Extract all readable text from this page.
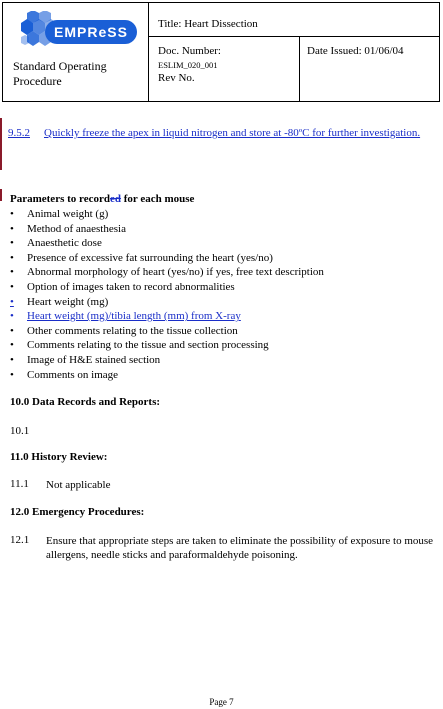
EMPReSS
Standard Operating Procedure
Title: Heart Dissection
Doc. Number:
ESLIM_020_001
Rev No.
Date Issued: 01/06/04
9.5.2 Quickly freeze the apex in liquid nitrogen and store at -80ºC for further investigation.
Parameters to recorded for each mouse
•	Animal weight (g)
•	Method of anaesthesia
•	Anaesthetic dose
•	Presence of excessive fat surrounding the heart (yes/no)
•	Abnormal morphology of heart (yes/no) if yes, free text description
•	Option of images taken to record abnormalities
•	Heart weight (mg)
•	Heart weight (mg)/tibia length (mm) from X-ray
•	Other comments relating to the tissue collection
•	Comments relating to the tissue and section processing
•	Image of H&E stained section
•	Comments on image
10.0 Data Records and Reports:
10.1
11.0 History Review:
11.1 Not applicable
12.0 Emergency Procedures:
12.1 Ensure that appropriate steps are taken to eliminate the possibility of exposure to mouse allergens, needle sticks and paraformaldehyde poisoning.
Page 7
